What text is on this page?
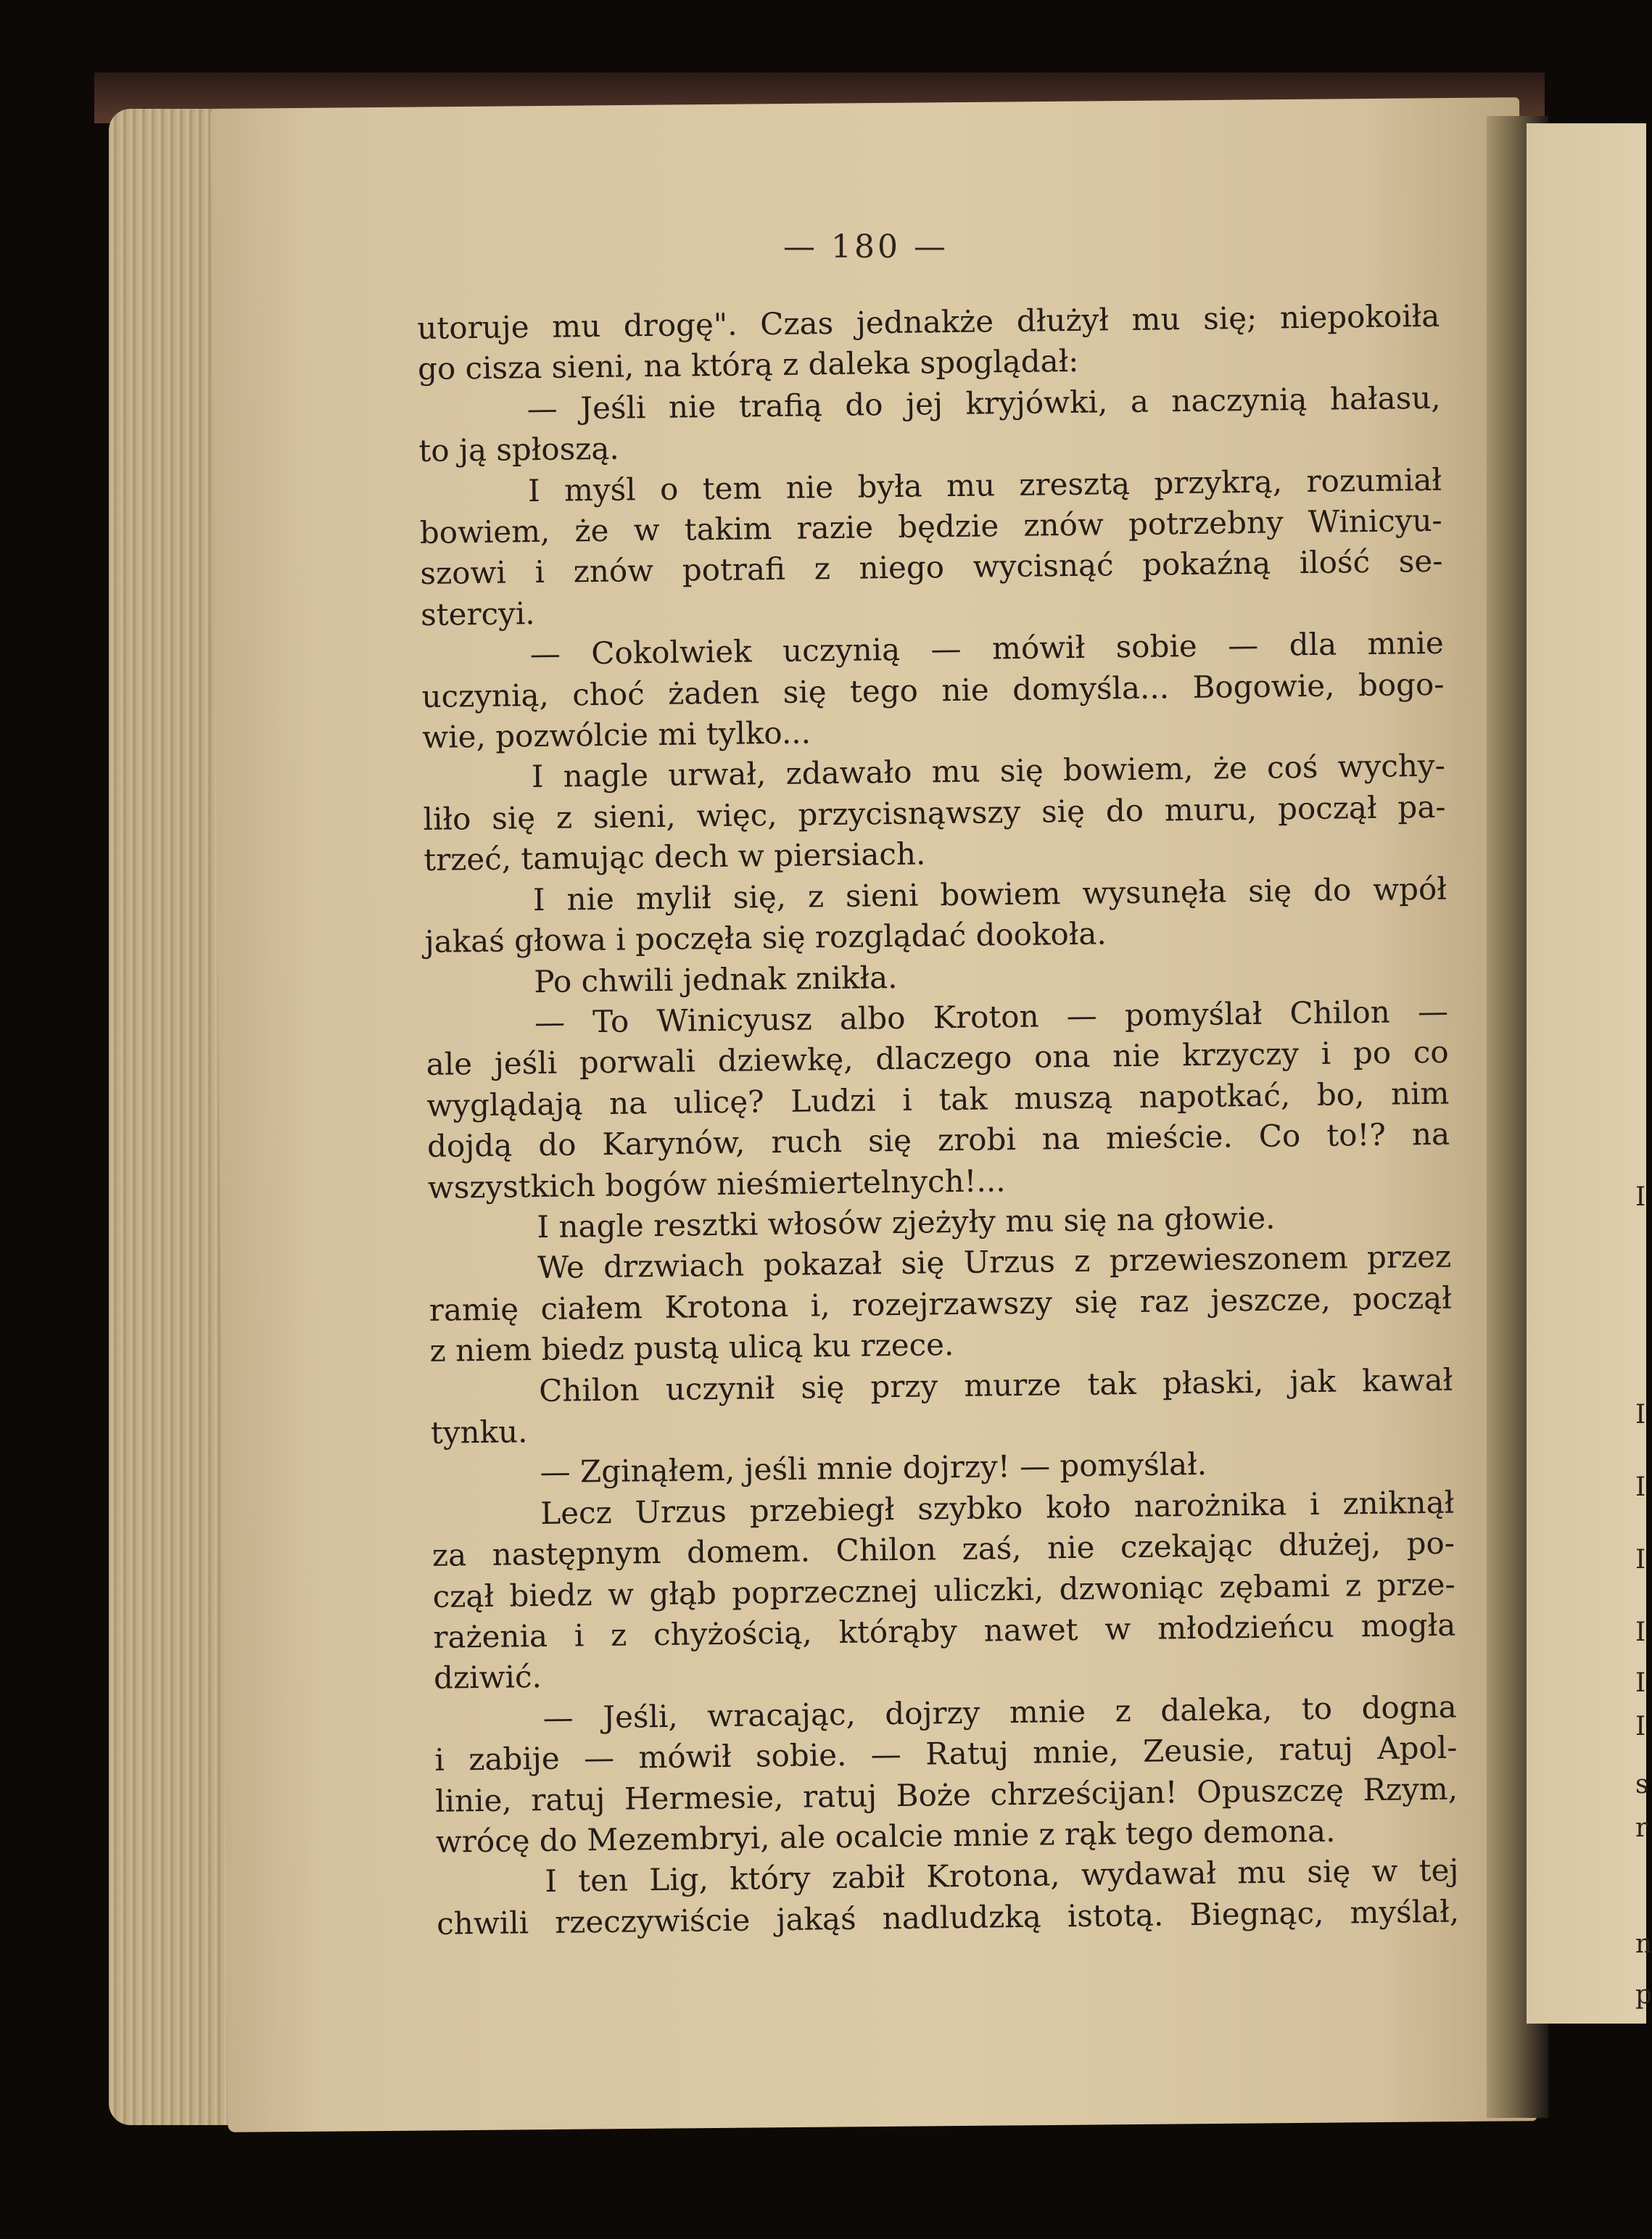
I
I
I
I
I
I
I
s
r
n
p
— 180 —
utoruje mu drogę". Czas jednakże dłużył mu się; niepokoiła
go cisza sieni, na którą z daleka spoglądał:
— Jeśli nie trafią do jej kryjówki, a naczynią hałasu,
to ją spłoszą.
I myśl o tem nie była mu zresztą przykrą, rozumiał
bowiem, że w takim razie będzie znów potrzebny Winicyu-
szowi i znów potrafi z niego wycisnąć pokaźną ilość se-
stercyi.
— Cokolwiek uczynią — mówił sobie — dla mnie
uczynią, choć żaden się tego nie domyśla... Bogowie, bogo-
wie, pozwólcie mi tylko...
I nagle urwał, zdawało mu się bowiem, że coś wychy-
liło się z sieni, więc, przycisnąwszy się do muru, począł pa-
trzeć, tamując dech w piersiach.
I nie mylił się, z sieni bowiem wysunęła się do wpół
jakaś głowa i poczęła się rozglądać dookoła.
Po chwili jednak znikła.
— To Winicyusz albo Kroton — pomyślał Chilon —
ale jeśli porwali dziewkę, dlaczego ona nie krzyczy i po co
wyglądają na ulicę? Ludzi i tak muszą napotkać, bo, nim
dojdą do Karynów, ruch się zrobi na mieście. Co to!? na
wszystkich bogów nieśmiertelnych!...
I nagle resztki włosów zjeżyły mu się na głowie.
We drzwiach pokazał się Urzus z przewieszonem przez
ramię ciałem Krotona i, rozejrzawszy się raz jeszcze, począł
z niem biedz pustą ulicą ku rzece.
Chilon uczynił się przy murze tak płaski, jak kawał
tynku.
— Zginąłem, jeśli mnie dojrzy! — pomyślał.
Lecz Urzus przebiegł szybko koło narożnika i zniknął
za następnym domem. Chilon zaś, nie czekając dłużej, po-
czął biedz w głąb poprzecznej uliczki, dzwoniąc zębami z prze-
rażenia i z chyżością, którąby nawet w młodzieńcu mogła
dziwić.
— Jeśli, wracając, dojrzy mnie z daleka, to dogna
i zabije — mówił sobie. — Ratuj mnie, Zeusie, ratuj Apol-
linie, ratuj Hermesie, ratuj Boże chrześcijan! Opuszczę Rzym,
wrócę do Mezembryi, ale ocalcie mnie z rąk tego demona.
I ten Lig, który zabił Krotona, wydawał mu się w tej
chwili rzeczywiście jakąś nadludzką istotą. Biegnąc, myślał,
